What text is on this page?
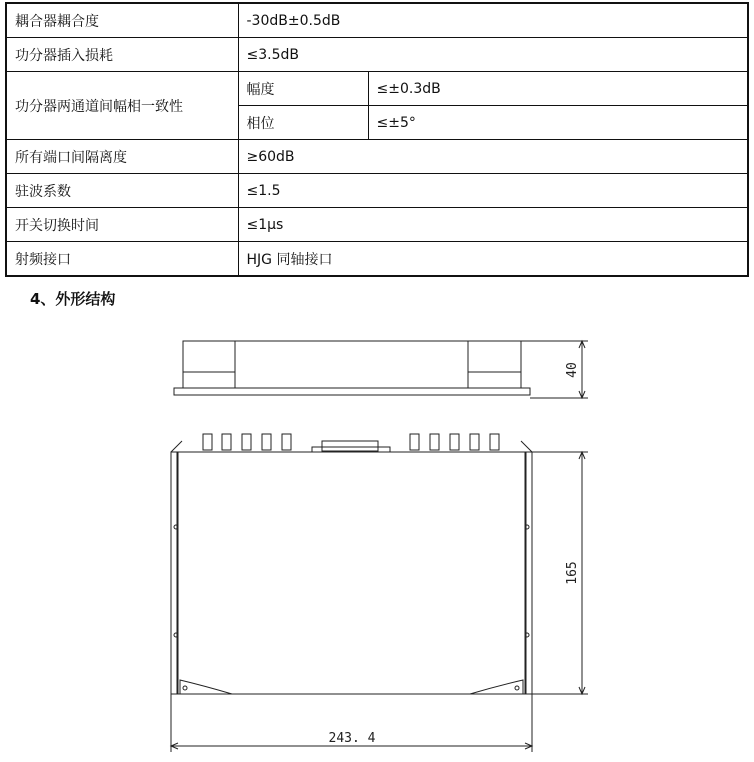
耦合器耦合度	-30dB±0.5dB	
功分器插入损耗	≤3.5dB	
功分器两通道间幅相一致性	幅度	≤±0.3dB
	相位	≤±5°
所有端口间隔离度	≥60dB	
驻波系数	≤1.5	
开关切换时间	≤1μs	
射频接口	HJG 同轴接口	
4、外形结构
40
165
243. 4
